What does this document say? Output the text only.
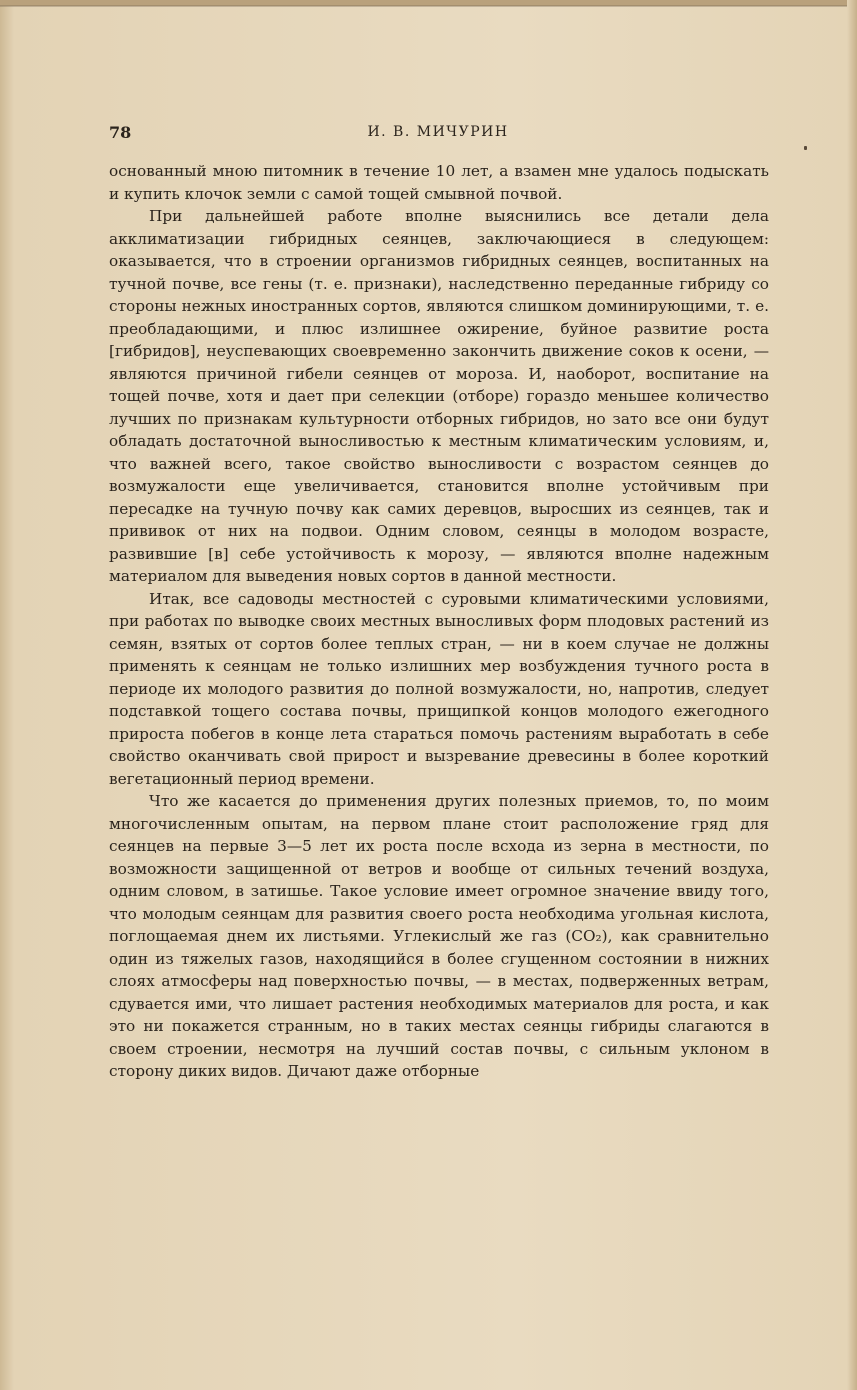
78	И. В. МИЧУРИН

основанный мною питомник в течение 10 лет, а взамен мне удалось подыскать и купить клочок земли с самой тощей смывной почвой.

При дальнейшей работе вполне выяснились все детали дела акклиматизации гибридных сеянцев, заключающиеся в следующем: оказывается, что в строении организмов гибридных сеянцев, воспитанных на тучной почве, все гены (т. е. признаки), наследственно переданные гибриду со стороны нежных иностранных сортов, являются слишком доминирующими, т. е. преобладающими, и плюс излишнее ожирение, буйное развитие роста [гибридов], неуспевающих своевременно закончить движение соков к осени, — являются причиной гибели сеянцев от мороза. И, наоборот, воспитание на тощей почве, хотя и дает при селекции (отборе) гораздо меньшее количество лучших по признакам культурности отборных гибридов, но зато все они будут обладать достаточной выносливостью к местным климатическим условиям, и, что важней всего, такое свойство выносливости с возрастом сеянцев до возмужалости еще увеличивается, становится вполне устойчивым при пересадке на тучную почву как самих деревцов, выросших из сеянцев, так и прививок от них на подвои. Одним словом, сеянцы в молодом возрасте, развившие [в] себе устойчивость к морозу, — являются вполне надежным материалом для выведения новых сортов в данной местности.

Итак, все садоводы местностей с суровыми климатическими условиями, при работах по выводке своих местных выносливых форм плодовых растений из семян, взятых от сортов более теплых стран, — ни в коем случае не должны применять к сеянцам не только излишних мер возбуждения тучного роста в периоде их молодого развития до полной возмужалости, но, напротив, следует подставкой тощего состава почвы, прищипкой концов молодого ежегодного прироста побегов в конце лета стараться помочь растениям выработать в себе свойство оканчивать свой прирост и вызревание древесины в более короткий вегетационный период времени.

Что же касается до применения других полезных приемов, то, по моим многочисленным опытам, на первом плане стоит расположение гряд для сеянцев на первые 3—5 лет их роста после всхода из зерна в местности, по возможности защищенной от ветров и вообще от сильных течений воздуха, одним словом, в затишье. Такое условие имеет огромное значение ввиду того, что молодым сеянцам для развития своего роста необходима угольная кислота, поглощаемая днем их листьями. Углекислый же газ (CO₂), как сравнительно один из тяжелых газов, находящийся в более сгущенном состоянии в нижних слоях атмосферы над поверхностью почвы, — в местах, подверженных ветрам, сдувается ими, что лишает растения необходимых материалов для роста, и как это ни покажется странным, но в таких местах сеянцы гибриды слагаются в своем строении, несмотря на лучший состав почвы, с сильным уклоном в сторону диких видов. Дичают даже отборные
